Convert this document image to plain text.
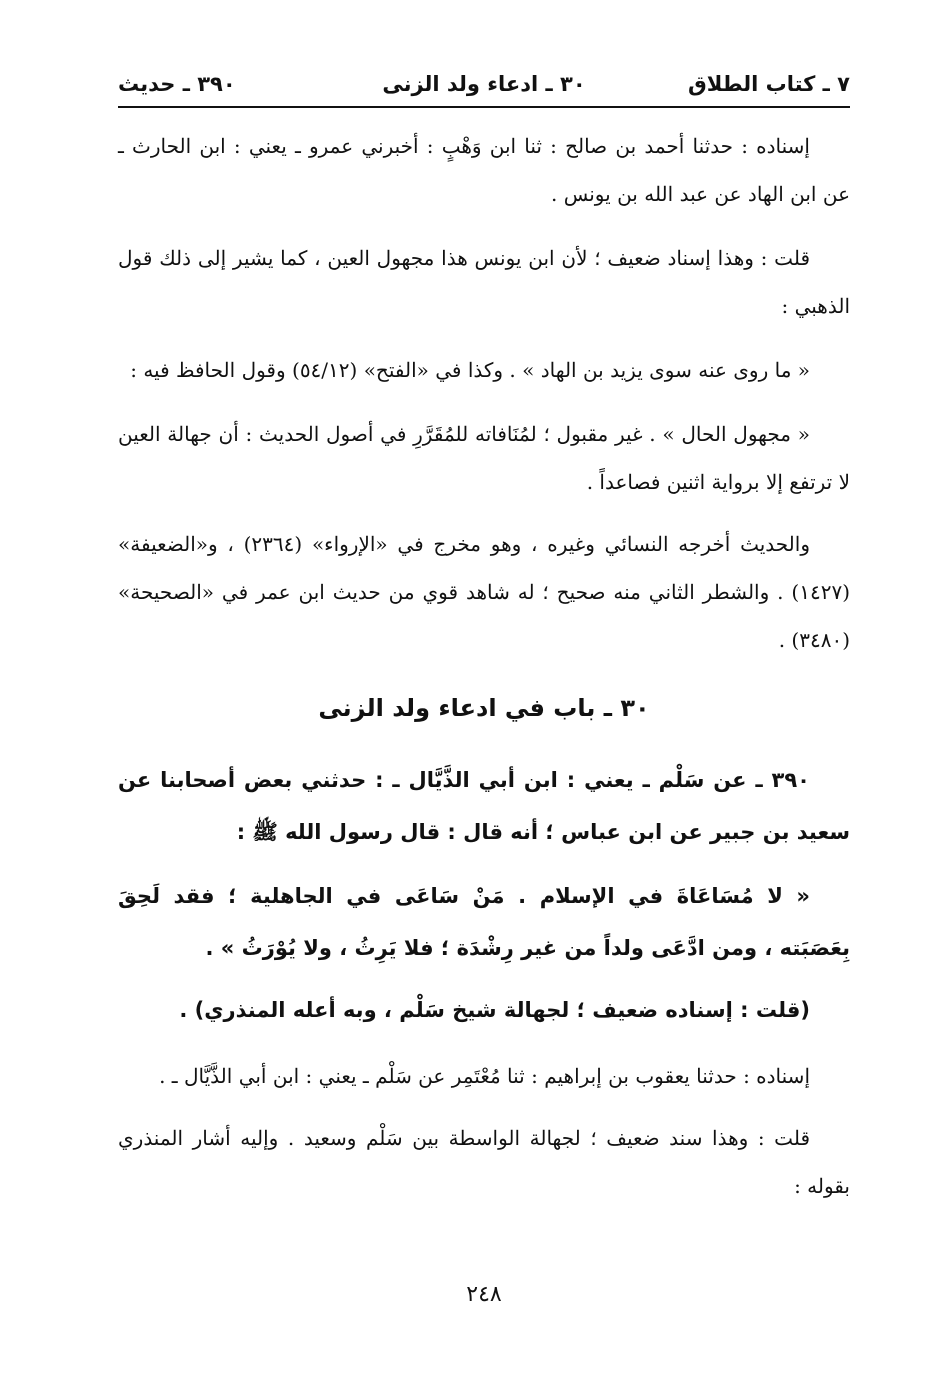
٧ ـ كتاب الطلاق
٣٠ ـ ادعاء ولد الزنى
٣٩٠ ـ حديث

إسناده : حدثنا أحمد بن صالح : ثنا ابن وَهْبٍ : أخبرني عمرو ـ يعني : ابن الحارث ـ عن ابن الهاد عن عبد الله بن يونس .

قلت : وهذا إسناد ضعيف ؛ لأن ابن يونس هذا مجهول العين ، كما يشير إلى ذلك قول الذهبي :

« ما روى عنه سوى يزيد بن الهاد » . وكذا في «الفتح» (٥٤/١٢) وقول الحافظ فيه :

« مجهول الحال » . غير مقبول ؛ لمُنَافاته للمُقَرَّرِ في أصول الحديث : أن جهالة العين لا ترتفع إلا برواية اثنين فصاعداً .

والحديث أخرجه النسائي وغيره ، وهو مخرج في «الإرواء» (٢٣٦٤) ، و«الضعيفة» (١٤٢٧) . والشطر الثاني منه صحيح ؛ له شاهد قوي من حديث ابن عمر في «الصحيحة» (٣٤٨٠) .

٣٠ ـ باب في ادعاء ولد الزنى

٣٩٠ ـ عن سَلْم ـ يعني : ابن أبي الذَّيَّال ـ : حدثني بعض أصحابنا عن سعيد بن جبير عن ابن عباس ؛ أنه قال : قال رسول الله ﷺ :

« لا مُسَاعَاةَ في الإسلام . مَنْ سَاعَى في الجاهلية ؛ فقد لَحِقَ بِعَصَبَته ، ومن ادَّعَى ولداً من غير رِشْدَة ؛ فلا يَرِثُ ، ولا يُوْرَثُ » .

(قلت : إسناده ضعيف ؛ لجهالة شيخ سَلْم ، وبه أعله المنذري) .

إسناده : حدثنا يعقوب بن إبراهيم : ثنا مُعْتَمِر عن سَلْم ـ يعني : ابن أبي الذَّيَّال ـ .

قلت : وهذا سند ضعيف ؛ لجهالة الواسطة بين سَلْم وسعيد . وإليه أشار المنذري بقوله :

٢٤٨
